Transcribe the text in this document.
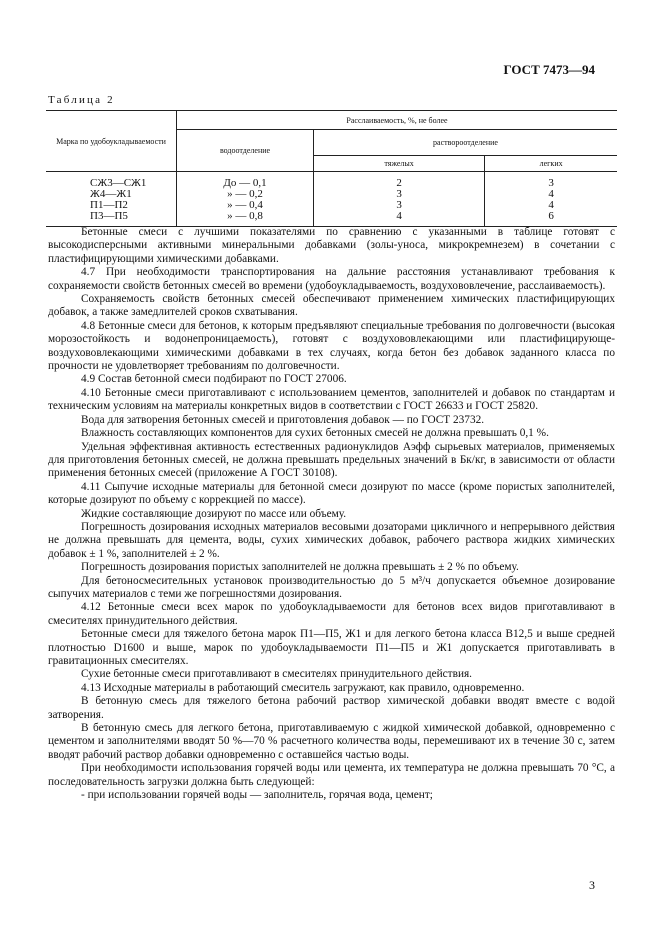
ГОСТ 7473—94
Таблица 2
Марка по удобоукладываемости	Расслаиваемость, %, не более		
	водоотделение	раствороотделение	
		тяжелых	легких
СЖ3—СЖ1	До — 0,1	2	3
Ж4—Ж1	» — 0,2	3	4
П1—П2	» — 0,4	3	4
П3—П5	» — 0,8	4	6

Бетонные смеси с лучшими показателями по сравнению с указанными в таблице готовят с высокодисперсными активными минеральными добавками (золы-уноса, микрокремнезем) в сочетании с пластифицирующими химическими добавками.

4.7 При необходимости транспортирования на дальние расстояния устанавливают требования к сохраняемости свойств бетонных смесей во времени (удобоукладываемость, воздухововлечение, расслаиваемость).

Сохраняемость свойств бетонных смесей обеспечивают применением химических пластифицирующих добавок, а также замедлителей сроков схватывания.

4.8 Бетонные смеси для бетонов, к которым предъявляют специальные требования по долговечности (высокая морозостойкость и водонепроницаемость), готовят с воздухововлекающими или пластифицирующе-воздухововлекающими химическими добавками в тех случаях, когда бетон без добавок заданного класса по прочности не удовлетворяет требованиям по долговечности.

4.9 Состав бетонной смеси подбирают по ГОСТ 27006.

4.10 Бетонные смеси приготавливают с использованием цементов, заполнителей и добавок по стандартам и техническим условиям на материалы конкретных видов в соответствии с ГОСТ 26633 и ГОСТ 25820.

Вода для затворения бетонных смесей и приготовления добавок — по ГОСТ 23732.

Влажность составляющих компонентов для сухих бетонных смесей не должна превышать 0,1 %.

Удельная эффективная активность естественных радионуклидов Аэфф сырьевых материалов, применяемых для приготовления бетонных смесей, не должна превышать предельных значений в Бк/кг, в зависимости от области применения бетонных смесей (приложение А ГОСТ 30108).

4.11 Сыпучие исходные материалы для бетонной смеси дозируют по массе (кроме пористых заполнителей, которые дозируют по объему с коррекцией по массе).

Жидкие составляющие дозируют по массе или объему.

Погрешность дозирования исходных материалов весовыми дозаторами цикличного и непрерывного действия не должна превышать для цемента, воды, сухих химических добавок, рабочего раствора жидких химических добавок ± 1 %, заполнителей ± 2 %.

Погрешность дозирования пористых заполнителей не должна превышать ± 2 % по объему.

Для бетоносмесительных установок производительностью до 5 м³/ч допускается объемное дозирование сыпучих материалов с теми же погрешностями дозирования.

4.12 Бетонные смеси всех марок по удобоукладываемости для бетонов всех видов приготавливают в смесителях принудительного действия.

Бетонные смеси для тяжелого бетона марок П1—П5, Ж1 и для легкого бетона класса В12,5 и выше средней плотностью D1600 и выше, марок по удобоукладываемости П1—П5 и Ж1 допускается приготавливать в гравитационных смесителях.

Сухие бетонные смеси приготавливают в смесителях принудительного действия.

4.13 Исходные материалы в работающий смеситель загружают, как правило, одновременно.

В бетонную смесь для тяжелого бетона рабочий раствор химической добавки вводят вместе с водой затворения.

В бетонную смесь для легкого бетона, приготавливаемую с жидкой химической добавкой, одновременно с цементом и заполнителями вводят 50 %—70 % расчетного количества воды, перемешивают их в течение 30 с, затем вводят рабочий раствор добавки одновременно с оставшейся частью воды.

При необходимости использования горячей воды или цемента, их температура не должна превышать 70 °С, а последовательность загрузки должна быть следующей:

- при использовании горячей воды — заполнитель, горячая вода, цемент;

3
